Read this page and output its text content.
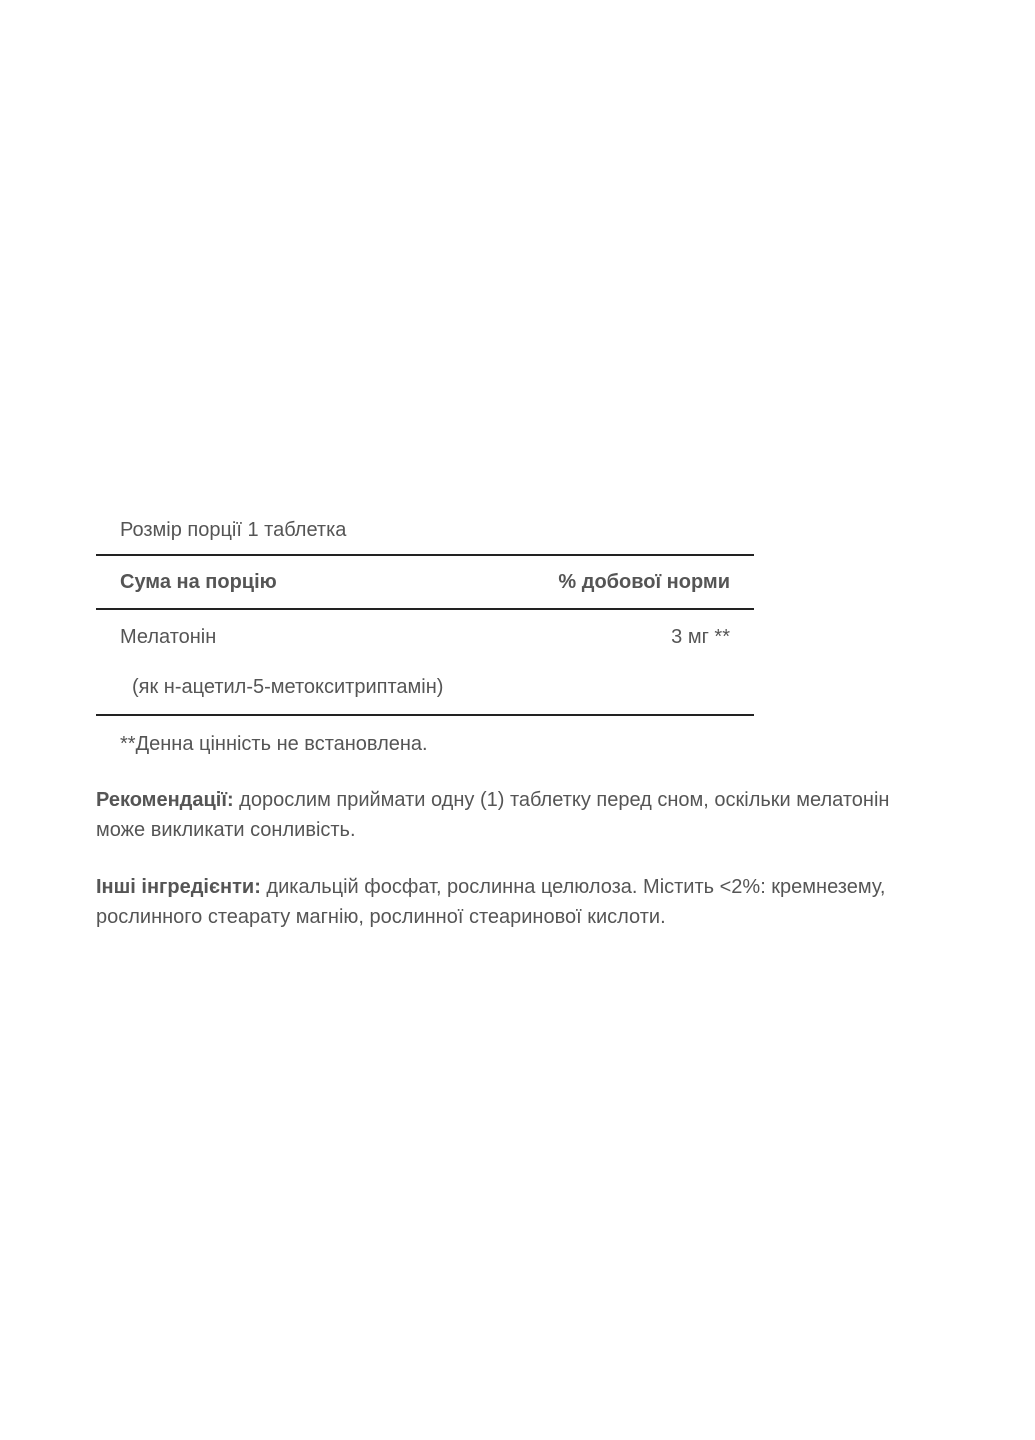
Розмір порції 1 таблетка
Сума на порцію	% добової норми
Мелатонін	3 мг **
(як н-ацетил-5-метокситриптамін)
**Денна цінність не встановлена.
Рекомендації: дорослим приймати одну (1) таблетку перед сном, оскільки мелатонін може викликати сонливість.
Інші інгредієнти: дикальцій фосфат, рослинна целюлоза. Містить <2%: кремнезему, рослинного стеарату магнію, рослинної стеаринової кислоти.
